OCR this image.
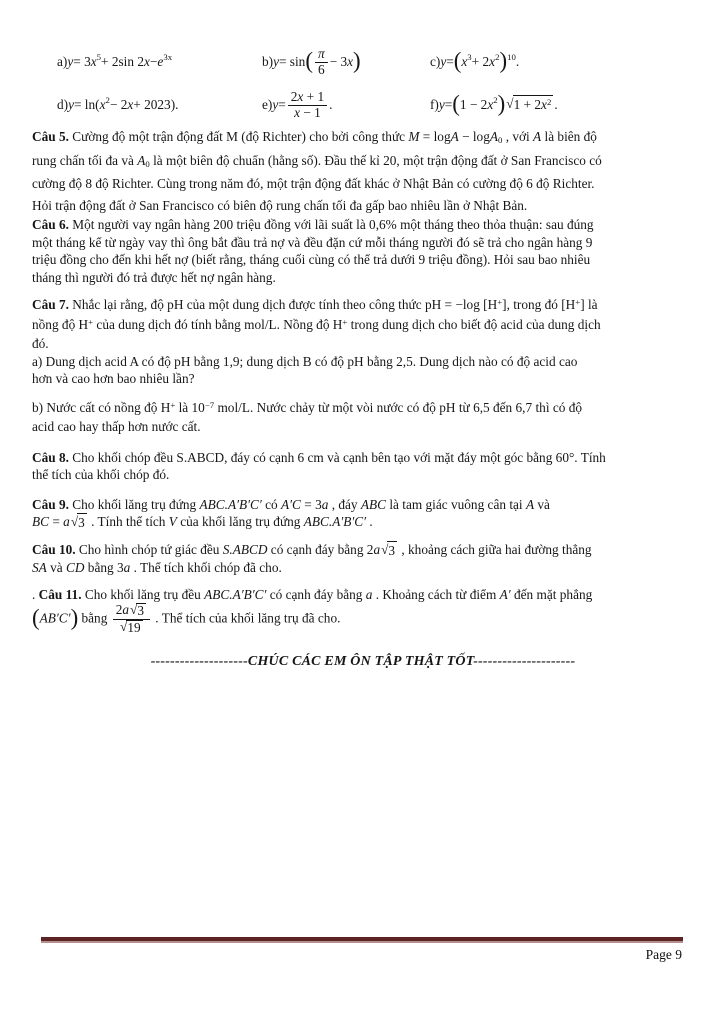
a) y = 3 x 5 + 2sin 2 x − e 3x	b) y = sin ( $\frac{\pi}{6} - 3$ x )	c) y = ( x 3 + 2 x 2 ) 10 .
d) y = ln( x 2 − 2 x + 2023).	e) $y = \frac{2x + 1}{x - 1}$ .	f) y = ( 1 − 2 x 2 ) $√1 + 2x^2$ .
Câu 5. Cường độ một trận động đất M (độ Richter) cho bởi công thức M = logA − logA0 , với A là biên độ
rung chấn tối đa và A0 là một biên độ chuẩn (hằng số). Đầu thế kỉ 20, một trận động đất ở San Francisco có
cường độ 8 độ Richter. Cùng trong năm đó, một trận động đất khác ở Nhật Bản có cường độ 6 độ Richter.
Hỏi trận động đất ở San Francisco có biên độ rung chấn tối đa gấp bao nhiêu lần ở Nhật Bản.
Câu 6. Một người vay ngân hàng 200 triệu đồng với lãi suất là 0,6% một tháng theo thỏa thuận: sau đúng
một tháng kể từ ngày vay thì ông bắt đầu trả nợ và đều đặn cứ mỗi tháng người đó sẽ trả cho ngân hàng 9
triệu đồng cho đến khi hết nợ (biết rằng, tháng cuối cùng có thể trả dưới 9 triệu đồng). Hỏi sau bao nhiêu
tháng thì người đó trả được hết nợ ngân hàng.
Câu 7. Nhắc lại rằng, độ pH của một dung dịch được tính theo công thức pH = −log [H+], trong đó [H+] là
nồng độ H+ của dung dịch đó tính bằng mol/L. Nồng độ H+ trong dung dịch cho biết độ acid của dung dịch
đó.
a) Dung dịch acid A có độ pH bằng 1,9; dung dịch B có độ pH bằng 2,5. Dung dịch nào có độ acid cao
hơn và cao hơn bao nhiêu lần?
b) Nước cất có nồng độ H+ là $10^{-7}$ mol/L. Nước chảy từ một vòi nước có độ pH từ 6,5 đến 6,7 thì có độ
acid cao hay thấp hơn nước cất.
Câu 8. Cho khối chóp đều S.ABCD, đáy có cạnh 6 cm và cạnh bên tạo với mặt đáy một góc bằng 60°. Tính
thể tích của khối chóp đó.
Câu 9. Cho khối lăng trụ đứng ABC.A′B′C′ có A′C = 3a , đáy ABC là tam giác vuông cân tại A và
BC = a√3 . Tính thể tích V của khối lăng trụ đứng ABC.A′B′C′ .
Câu 10. Cho hình chóp tứ giác đều S.ABCD có cạnh đáy bằng 2a√3 , khoảng cách giữa hai đường thẳng
SA và CD bằng 3a . Thể tích khối chóp đã cho.
. Câu 11. Cho khối lăng trụ đều ABC.A′B′C′ có cạnh đáy bằng a . Khoảng cách từ điểm A′ đến mặt phẳng
(AB′C′) bằng $\frac{2a√3}{√19}$ . Thể tích của khối lăng trụ đã cho.
--------------------CHÚC CÁC EM ÔN TẬP THẬT TỐT---------------------
Page 9
